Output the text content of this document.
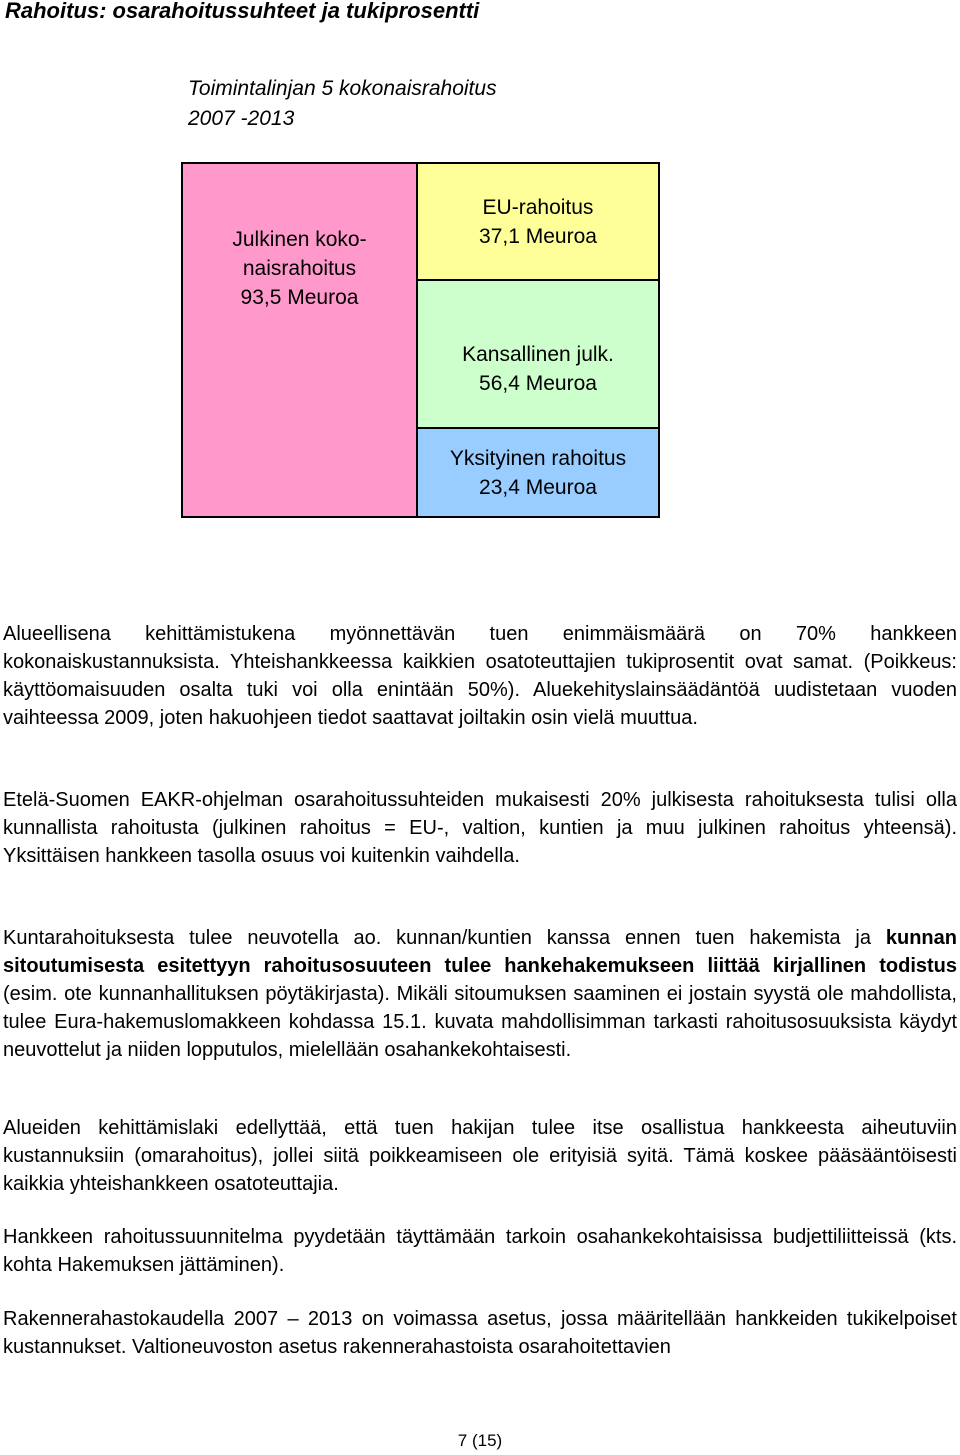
Rahoitus: osarahoitussuhteet ja tukiprosentti
Toimintalinjan 5 kokonaisrahoitus
2007 -2013
Julkinen koko-
naisrahoitus
93,5 Meuroa
EU-rahoitus
37,1 Meuroa
Kansallinen julk.
56,4 Meuroa
Yksityinen rahoitus
23,4 Meuroa

Alueellisena kehittämistukena myönnettävän tuen enimmäismäärä on 70% hankkeen kokonaiskustannuksista. Yhteishankkeessa kaikkien osatoteuttajien tukiprosentit ovat samat. (Poikkeus: käyttöomaisuuden osalta tuki voi olla enintään 50%). Aluekehityslainsäädäntöä uudistetaan vuoden vaihteessa 2009, joten hakuohjeen tiedot saattavat joiltakin osin vielä muuttua.

Etelä-Suomen EAKR-ohjelman osarahoitussuhteiden mukaisesti 20% julkisesta rahoituksesta tulisi olla kunnallista rahoitusta (julkinen rahoitus = EU-, valtion, kuntien ja muu julkinen rahoitus yhteensä). Yksittäisen hankkeen tasolla osuus voi kuitenkin vaihdella.

Kuntarahoituksesta tulee neuvotella ao. kunnan/kuntien kanssa ennen tuen hakemista ja kunnan sitoutumisesta esitettyyn rahoitusosuuteen tulee hankehakemukseen liittää kirjallinen todistus (esim. ote kunnanhallituksen pöytäkirjasta). Mikäli sitoumuksen saaminen ei jostain syystä ole mahdollista, tulee Eura-hakemuslomakkeen kohdassa 15.1. kuvata mahdollisimman tarkasti rahoitusosuuksista käydyt neuvottelut ja niiden lopputulos, mielellään osahankekohtaisesti.

Alueiden kehittämislaki edellyttää, että tuen hakijan tulee itse osallistua hankkeesta aiheutuviin kustannuksiin (omarahoitus), jollei siitä poikkeamiseen ole erityisiä syitä. Tämä koskee pääsääntöisesti kaikkia yhteishankkeen osatoteuttajia.

Hankkeen rahoitussuunnitelma pyydetään täyttämään tarkoin osahankekohtaisissa budjettiliitteissä (kts. kohta Hakemuksen jättäminen).

Rakennerahastokaudella 2007 – 2013 on voimassa asetus, jossa määritellään hankkeiden tukikelpoiset kustannukset. Valtioneuvoston asetus rakennerahastoista osarahoitettavien

7 (15)
